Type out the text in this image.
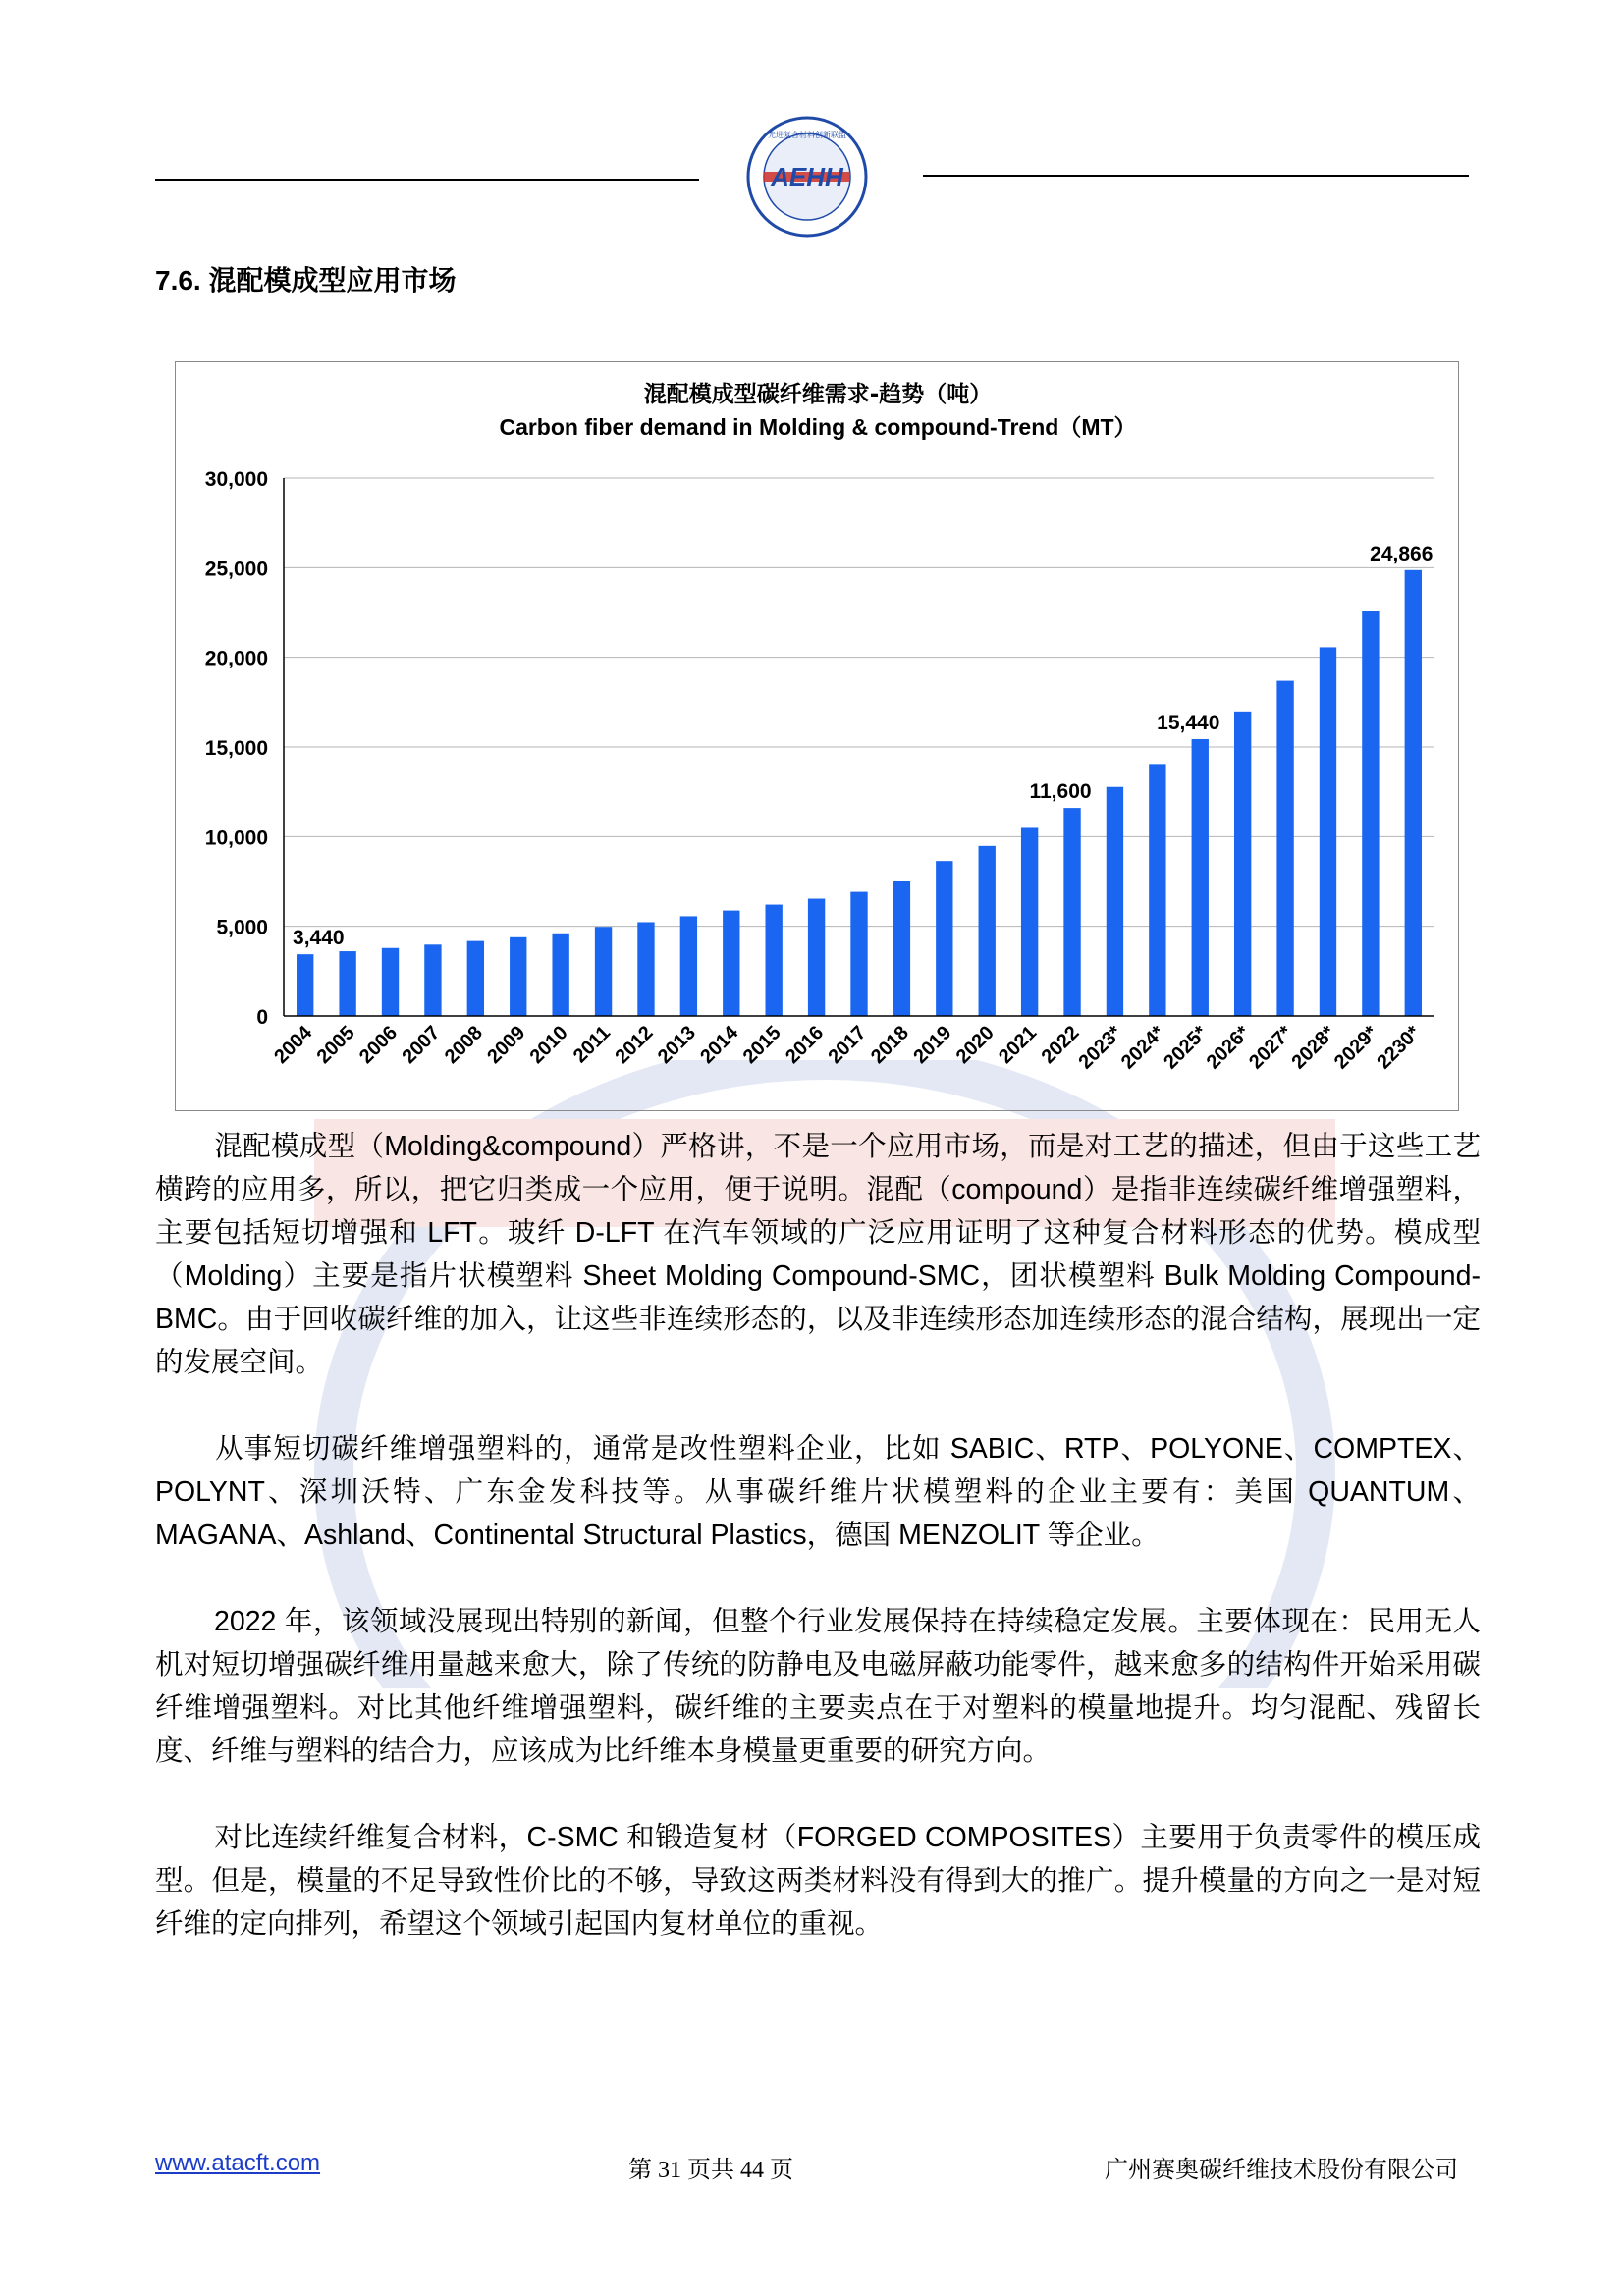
AEHH
先进复合材料创新联盟
7.6. 混配模成型应用市场
混配模成型碳纤维需求-趋势（吨）
Carbon fiber demand in Molding & compound-Trend（MT）
0
5,000
10,000
15,000
20,000
25,000
30,000
3,440
11,600
15,440
24,866
2004
2005
2006
2007
2008
2009
2010
2011
2012
2013
2014
2015
2016
2017
2018
2019
2020
2021
2022
2023*
2024*
2025*
2026*
2027*
2028*
2029*
2230*
混配模成型（Molding&compound）严格讲，不是一个应用市场，而是对工艺的描述，但由于这些工艺横跨的应用多，所以，把它归类成一个应用，便于说明。混配（compound）是指非连续碳纤维增强塑料，主要包括短切增强和 LFT。玻纤 D-LFT 在汽车领域的广泛应用证明了这种复合材料形态的优势。模成型（Molding）主要是指片状模塑料 Sheet Molding Compound-SMC，团状模塑料 Bulk Molding Compound-BMC。由于回收碳纤维的加入，让这些非连续形态的，以及非连续形态加连续形态的混合结构，展现出一定的发展空间。
从事短切碳纤维增强塑料的，通常是改性塑料企业，比如 SABIC、RTP、POLYONE、COMPTEX、POLYNT、深圳沃特、广东金发科技等。从事碳纤维片状模塑料的企业主要有：美国 QUANTUM、MAGANA、Ashland、Continental Structural Plastics，德国 MENZOLIT 等企业。
2022 年，该领域没展现出特别的新闻，但整个行业发展保持在持续稳定发展。主要体现在：民用无人机对短切增强碳纤维用量越来愈大，除了传统的防静电及电磁屏蔽功能零件，越来愈多的结构件开始采用碳纤维增强塑料。对比其他纤维增强塑料，碳纤维的主要卖点在于对塑料的模量地提升。均匀混配、残留长度、纤维与塑料的结合力，应该成为比纤维本身模量更重要的研究方向。
对比连续纤维复合材料，C-SMC 和锻造复材（FORGED COMPOSITES）主要用于负责零件的模压成型。但是，模量的不足导致性价比的不够，导致这两类材料没有得到大的推广。提升模量的方向之一是对短纤维的定向排列，希望这个领域引起国内复材单位的重视。
www.atacft.com	第 31 页共 44 页	广州赛奥碳纤维技术股份有限公司
